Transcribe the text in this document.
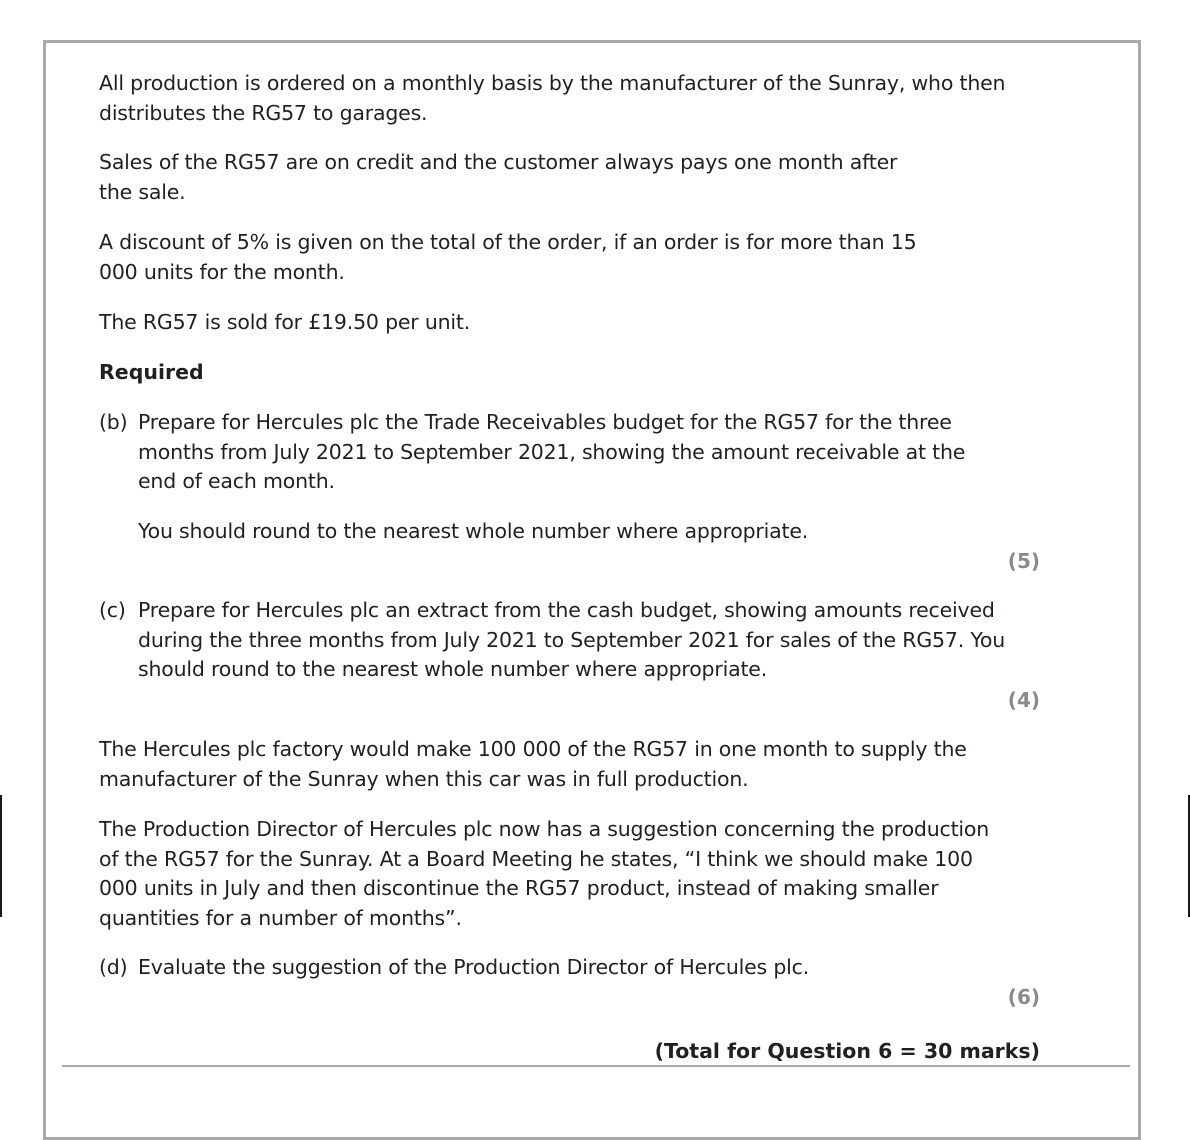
All production is ordered on a monthly basis by the manufacturer of the Sunray, who then distributes the RG57 to garages.

Sales of the RG57 are on credit and the customer always pays one month after the sale.

A discount of 5% is given on the total of the order, if an order is for more than 15 000 units for the month.

The RG57 is sold for £19.50 per unit.

Required

(b) Prepare for Hercules plc the Trade Receivables budget for the RG57 for the three months from July 2021 to September 2021, showing the amount receivable at the end of each month.
You should round to the nearest whole number where appropriate.
(5)
(c) Prepare for Hercules plc an extract from the cash budget, showing amounts received during the three months from July 2021 to September 2021 for sales of the RG57. You should round to the nearest whole number where appropriate.
(4)

The Hercules plc factory would make 100 000 of the RG57 in one month to supply the manufacturer of the Sunray when this car was in full production.

The Production Director of Hercules plc now has a suggestion concerning the production of the RG57 for the Sunray. At a Board Meeting he states, “I think we should make 100 000 units in July and then discontinue the RG57 product, instead of making smaller quantities for a number of months”.

(d) Evaluate the suggestion of the Production Director of Hercules plc.
(6)
(Total for Question 6 = 30 marks)
